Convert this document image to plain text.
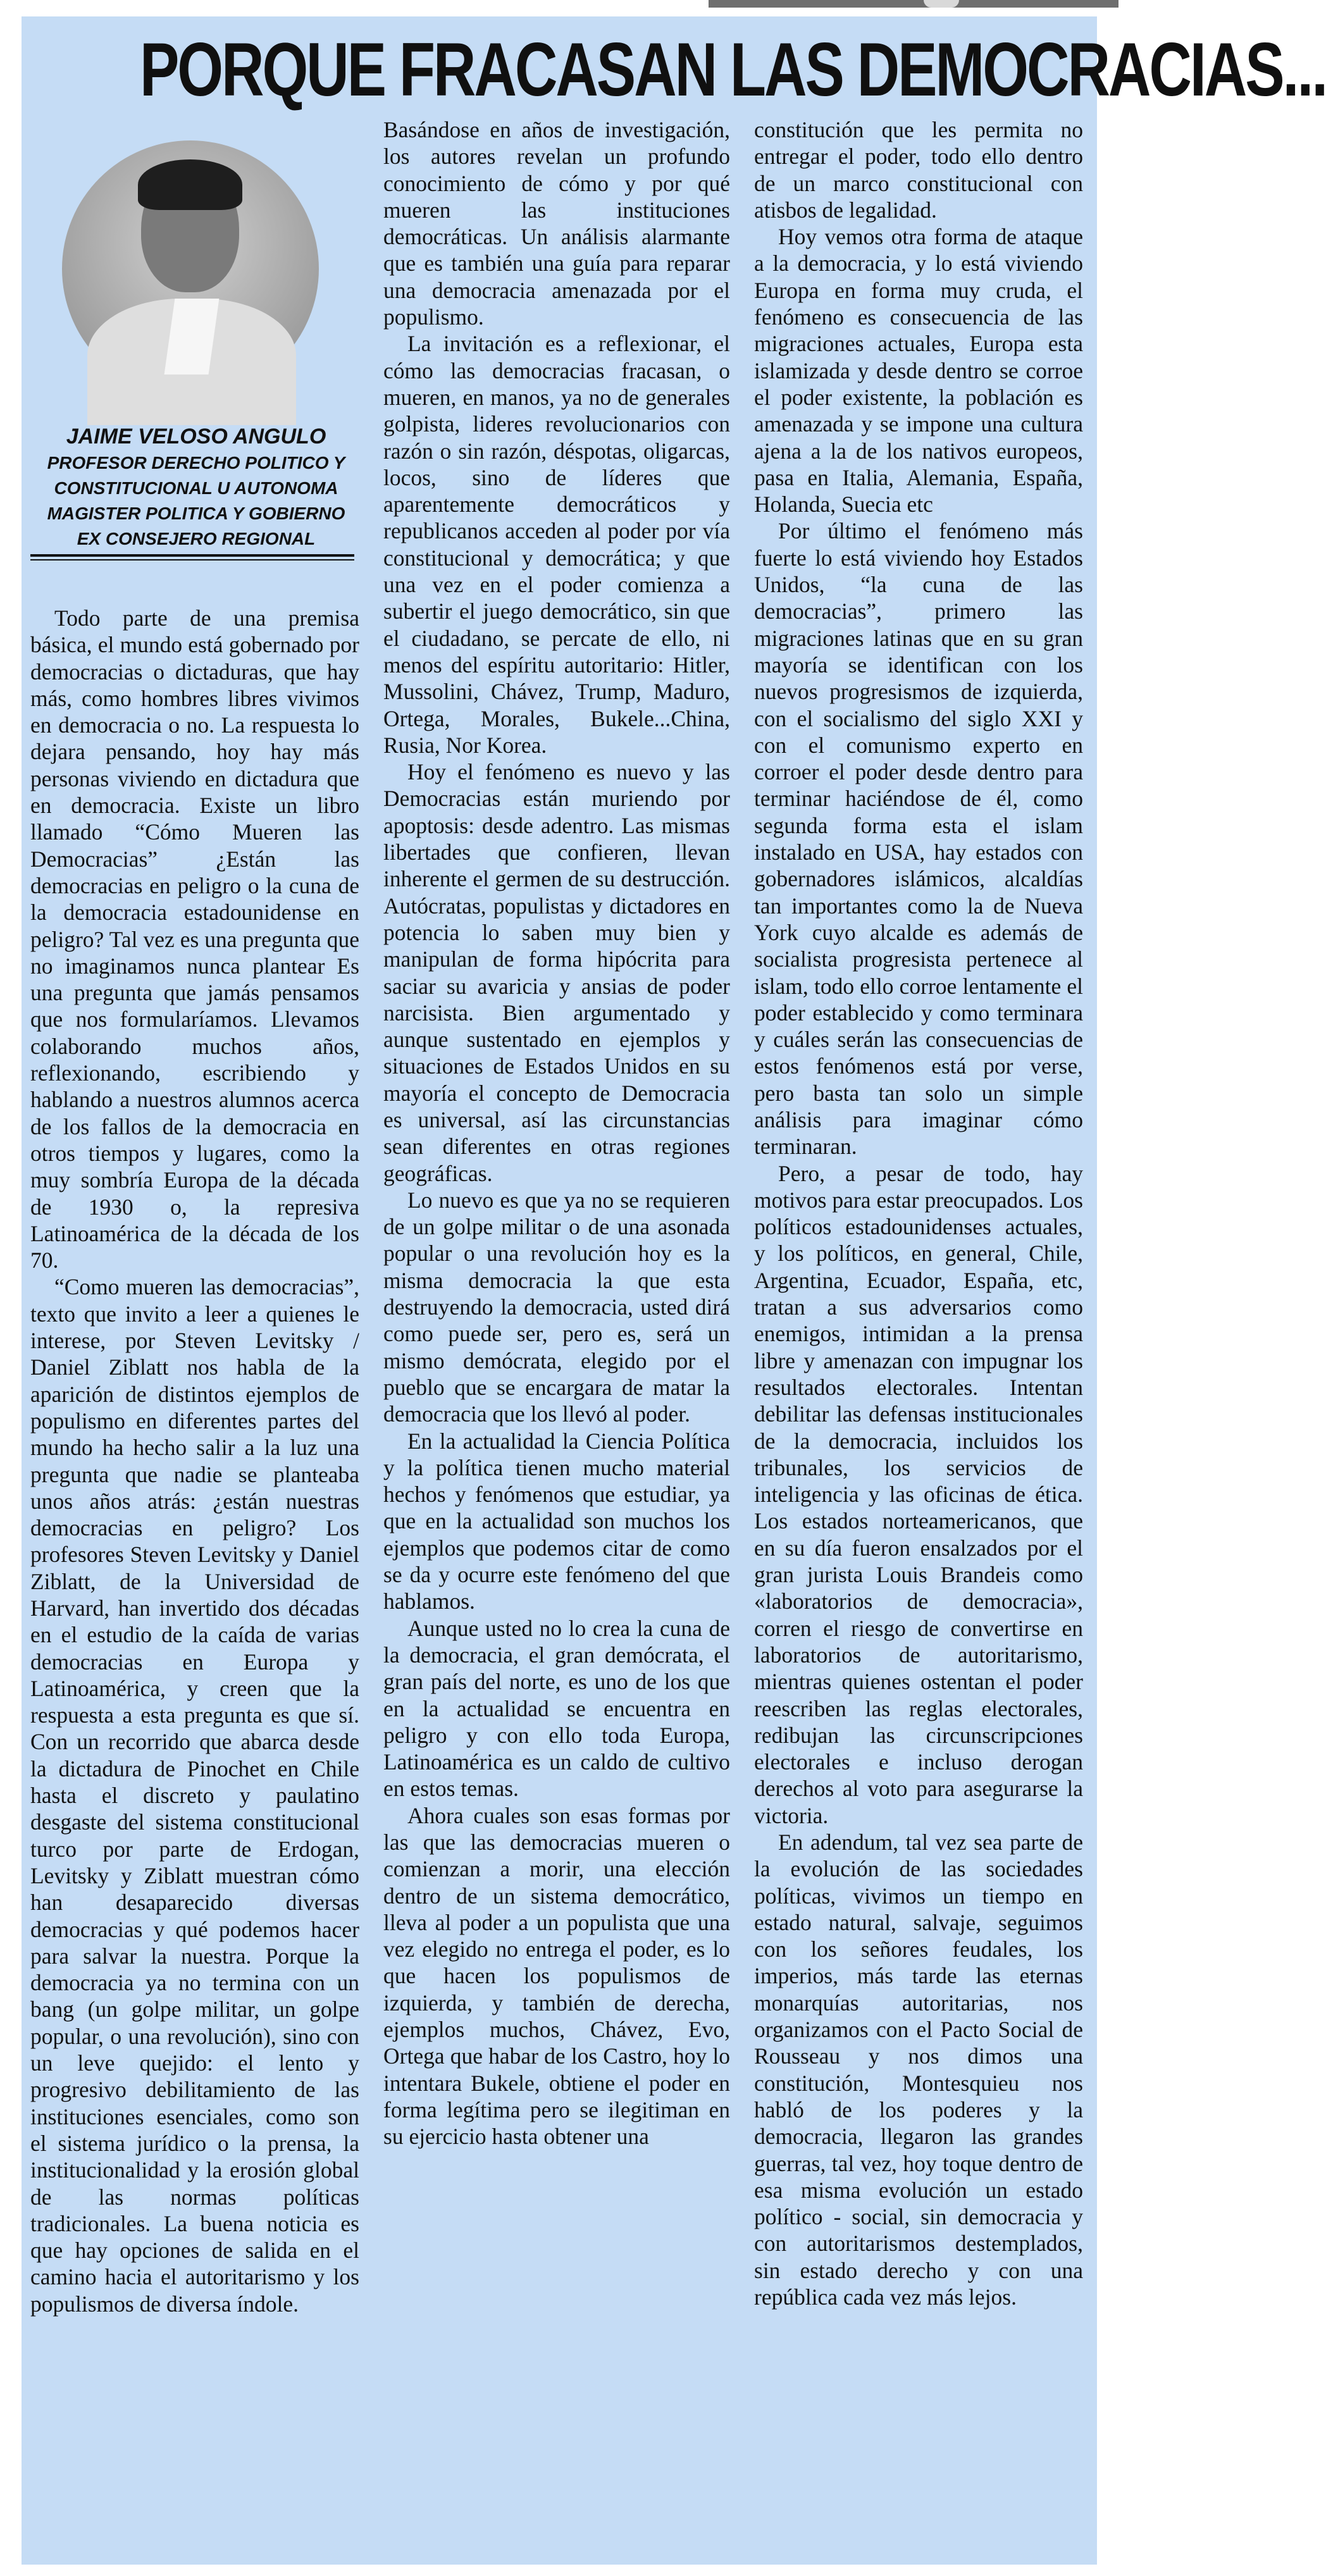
PORQUE FRACASAN LAS DEMOCRACIAS...
JAIME VELOSO ANGULO
PROFESOR DERECHO POLITICO Y
CONSTITUCIONAL U AUTONOMA
MAGISTER POLITICA Y GOBIERNO
EX CONSEJERO REGIONAL

Todo parte de una premisa básica, el mundo está gobernado por democracias o dictaduras, que hay más, como hombres libres vivimos en democracia o no. La respuesta lo dejara pensando, hoy hay más personas viviendo en dictadura que en democracia. Existe un libro llamado “Cómo Mueren las Democracias” ¿Están las democracias en peligro o la cuna de la democracia estadounidense en peligro? Tal vez es una pregunta que no imaginamos nunca plantear Es una pregunta que jamás pensamos que nos formularíamos. Llevamos colaborando muchos años, reflexionando, escribiendo y hablando a nuestros alumnos acerca de los fallos de la democracia en otros tiempos y lugares, como la muy sombría Europa de la década de 1930 o, la represiva Latinoamérica de la década de los 70.

“Como mueren las democracias”, texto que invito a leer a quienes le interese, por Steven Levitsky / Daniel Ziblatt nos habla de la aparición de distintos ejemplos de populismo en diferentes partes del mundo ha hecho salir a la luz una pregunta que nadie se planteaba unos años atrás: ¿están nuestras democracias en peligro? Los profesores Steven Levitsky y Daniel Ziblatt, de la Universidad de Harvard, han invertido dos décadas en el estudio de la caída de varias democracias en Europa y Latinoamérica, y creen que la respuesta a esta pregunta es que sí. Con un recorrido que abarca desde la dictadura de Pinochet en Chile hasta el discreto y paulatino desgaste del sistema constitucional turco por parte de Erdogan, Levitsky y Ziblatt muestran cómo han desaparecido diversas democracias y qué podemos hacer para salvar la nuestra. Porque la democracia ya no termina con un bang (un golpe militar, un golpe popular, o una revolución), sino con un leve quejido: el lento y progresivo debilitamiento de las instituciones esenciales, como son el sistema jurídico o la prensa, la institucionalidad y la erosión global de las normas políticas tradicionales. La buena noticia es que hay opciones de salida en el camino hacia el autoritarismo y los populismos de diversa índole.

Basándose en años de investigación, los autores revelan un profundo conocimiento de cómo y por qué mueren las instituciones democráticas. Un análisis alarmante que es también una guía para reparar una democracia amenazada por el populismo.

La invitación es a reflexionar, el cómo las democracias fracasan, o mueren, en manos, ya no de generales golpista, lideres revolucionarios con razón o sin razón, déspotas, oligarcas, locos, sino de líderes que aparentemente democráticos y republicanos acceden al poder por vía constitucional y democrática; y que una vez en el poder comienza a subertir el juego democrático, sin que el ciudadano, se percate de ello, ni menos del espíritu autoritario: Hitler, Mussolini, Chávez, Trump, Maduro, Ortega, Morales, Bukele...China, Rusia, Nor Korea.

Hoy el fenómeno es nuevo y las Democracias están muriendo por apoptosis: desde adentro. Las mismas libertades que confieren, llevan inherente el germen de su destrucción. Autócratas, populistas y dictadores en potencia lo saben muy bien y manipulan de forma hipócrita para saciar su avaricia y ansias de poder narcisista. Bien argumentado y aunque sustentado en ejemplos y situaciones de Estados Unidos en su mayoría el concepto de Democracia es universal, así las circunstancias sean diferentes en otras regiones geográficas.

Lo nuevo es que ya no se requieren de un golpe militar o de una asonada popular o una revolución hoy es la misma democracia la que esta destruyendo la democracia, usted dirá como puede ser, pero es, será un mismo demócrata, elegido por el pueblo que se encargara de matar la democracia que los llevó al poder.

En la actualidad la Ciencia Política y la política tienen mucho material hechos y fenómenos que estudiar, ya que en la actualidad son muchos los ejemplos que podemos citar de como se da y ocurre este fenómeno del que hablamos.

Aunque usted no lo crea la cuna de la democracia, el gran demócrata, el gran país del norte, es uno de los que en la actualidad se encuentra en peligro y con ello toda Europa, Latinoamérica es un caldo de cultivo en estos temas.

Ahora cuales son esas formas por las que las democracias mueren o comienzan a morir, una elección dentro de un sistema democrático, lleva al poder a un populista que una vez elegido no entrega el poder, es lo que hacen los populismos de izquierda, y también de derecha, ejemplos muchos, Chávez, Evo, Ortega que habar de los Castro, hoy lo intentara Bukele, obtiene el poder en forma legítima pero se ilegitiman en su ejercicio hasta obtener una

constitución que les permita no entregar el poder, todo ello dentro de un marco constitucional con atisbos de legalidad.

Hoy vemos otra forma de ataque a la democracia, y lo está viviendo Europa en forma muy cruda, el fenómeno es consecuencia de las migraciones actuales, Europa esta islamizada y desde dentro se corroe el poder existente, la población es amenazada y se impone una cultura ajena a la de los nativos europeos, pasa en Italia, Alemania, España, Holanda, Suecia etc

Por último el fenómeno más fuerte lo está viviendo hoy Estados Unidos, “la cuna de las democracias”, primero las migraciones latinas que en su gran mayoría se identifican con los nuevos progresismos de izquierda, con el socialismo del siglo XXI y con el comunismo experto en corroer el poder desde dentro para terminar haciéndose de él, como segunda forma esta el islam instalado en USA, hay estados con gobernadores islámicos, alcaldías tan importantes como la de Nueva York cuyo alcalde es además de socialista progresista pertenece al islam, todo ello corroe lentamente el poder establecido y como terminara y cuáles serán las consecuencias de estos fenómenos está por verse, pero basta tan solo un simple análisis para imaginar cómo terminaran.

Pero, a pesar de todo, hay motivos para estar preocupados. Los políticos estadounidenses actuales, y los políticos, en general, Chile, Argentina, Ecuador, España, etc, tratan a sus adversarios como enemigos, intimidan a la prensa libre y amenazan con impugnar los resultados electorales. Intentan debilitar las defensas institucionales de la democracia, incluidos los tribunales, los servicios de inteligencia y las oficinas de ética. Los estados norteamericanos, que en su día fueron ensalzados por el gran jurista Louis Brandeis como «laboratorios de democracia», corren el riesgo de convertirse en laboratorios de autoritarismo, mientras quienes ostentan el poder reescriben las reglas electorales, redibujan las circunscripciones electorales e incluso derogan derechos al voto para asegurarse la victoria.

En adendum, tal vez sea parte de la evolución de las sociedades políticas, vivimos un tiempo en estado natural, salvaje, seguimos con los señores feudales, los imperios, más tarde las eternas monarquías autoritarias, nos organizamos con el Pacto Social de Rousseau y nos dimos una constitución, Montesquieu nos habló de los poderes y la democracia, llegaron las grandes guerras, tal vez, hoy toque dentro de esa misma evolución un estado político - social, sin democracia y con autoritarismos destemplados, sin estado derecho y con una república cada vez más lejos.
